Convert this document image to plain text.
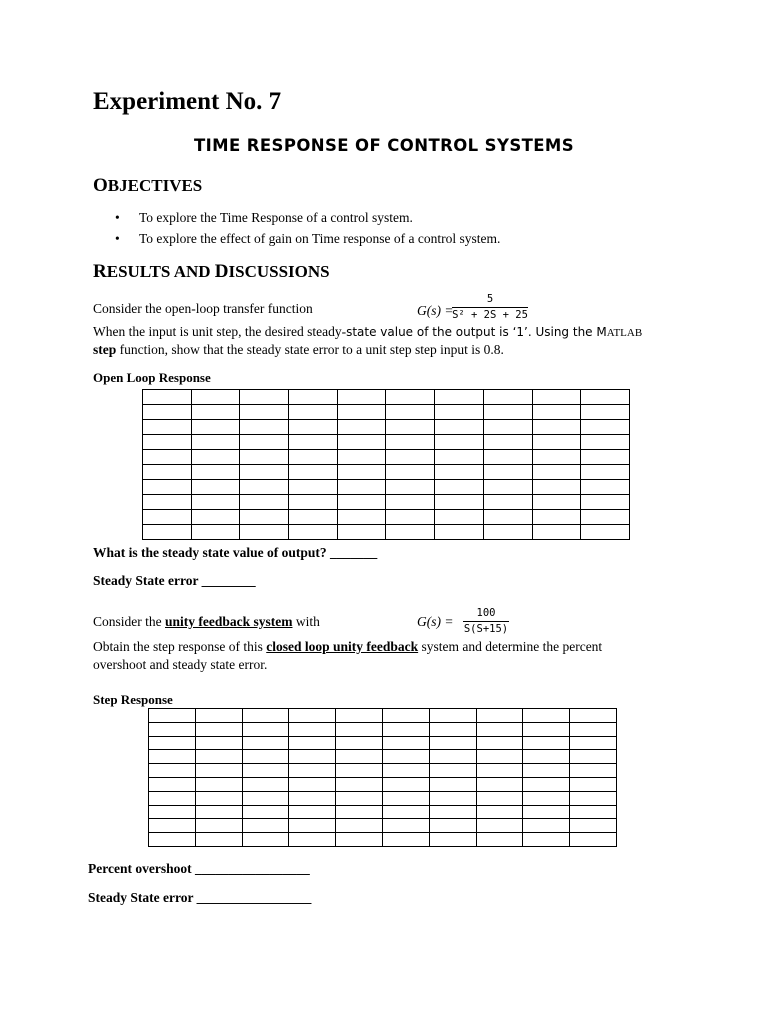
Experiment No. 7
TIME RESPONSE OF CONTROL SYSTEMS
OBJECTIVES
• To explore the Time Response of a control system.
• To explore the effect of gain on Time response of a control system.
RESULTS AND DISCUSSIONS
Consider the open-loop transfer function	G(s) =
5
S² + 2S + 25
When the input is unit step, the desired steady-state value of the output is ‘1’. Using the MATLAB
step function, show that the steady state error to a unit step step input is 0.8.
Open Loop Response

What is the steady state value of output? _______
Steady State error ________
Consider the unity feedback system with	G(s) =
100
S(S+15)
Obtain the step response of this closed loop unity feedback system and determine the percent
overshoot and steady state error.
Step Response

Percent overshoot _________________
Steady State error _________________
